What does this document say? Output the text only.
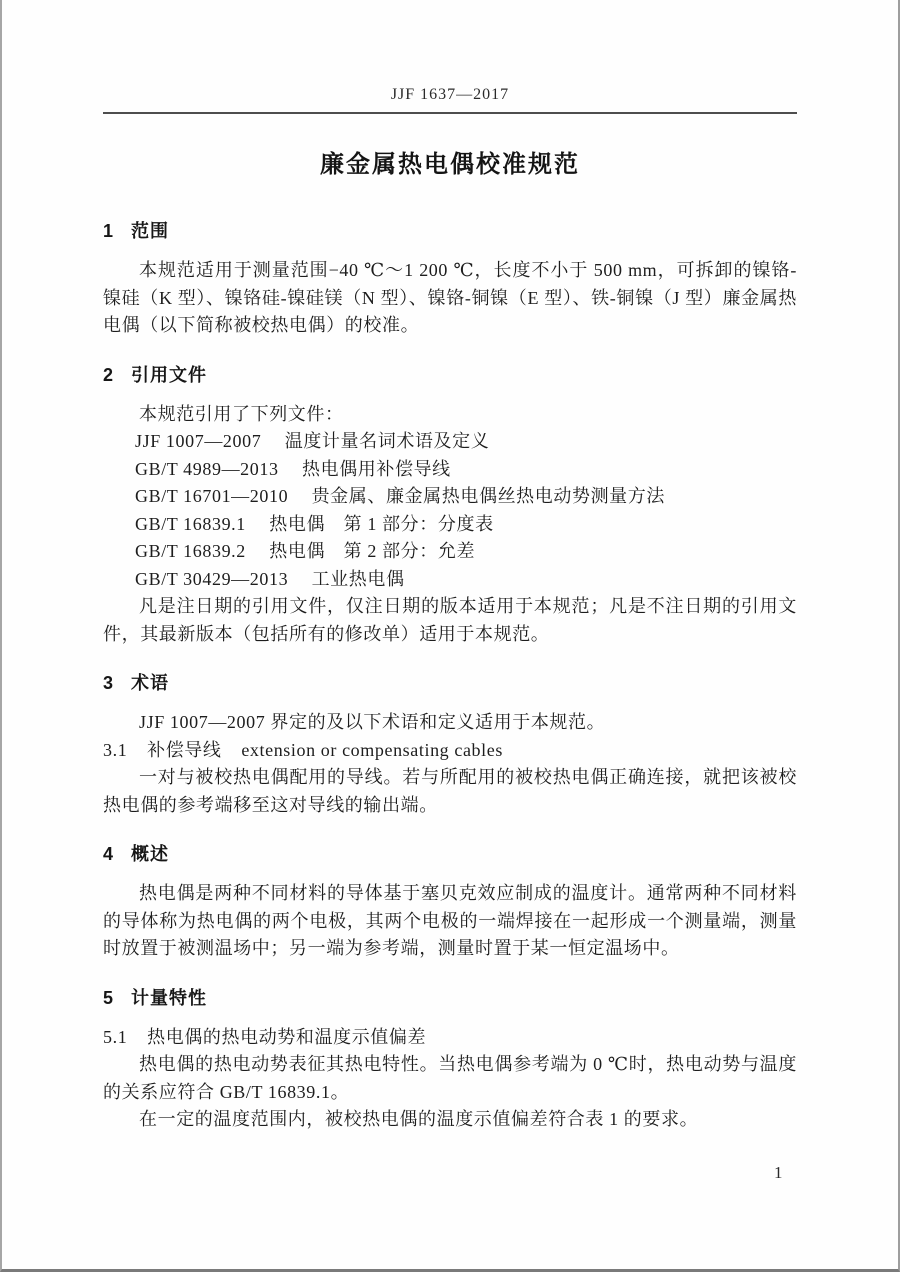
JJF 1637—2017
廉金属热电偶校准规范
1 范围

本规范适用于测量范围−40 ℃～1 200 ℃，长度不小于 500 mm，可拆卸的镍铬-镍硅（K 型）、镍铬硅-镍硅镁（N 型）、镍铬-铜镍（E 型）、铁-铜镍（J 型）廉金属热电偶（以下简称被校热电偶）的校准。

2 引用文件

本规范引用了下列文件：

JJF 1007—2007 温度计量名词术语及定义
GB/T 4989—2013 热电偶用补偿导线
GB/T 16701—2010 贵金属、廉金属热电偶丝热电动势测量方法
GB/T 16839.1 热电偶　第 1 部分：分度表
GB/T 16839.2 热电偶　第 2 部分：允差
GB/T 30429—2013 工业热电偶

凡是注日期的引用文件，仅注日期的版本适用于本规范；凡是不注日期的引用文件，其最新版本（包括所有的修改单）适用于本规范。

3 术语

JJF 1007—2007 界定的及以下术语和定义适用于本规范。

3.1 补偿导线 extension or compensating cables

一对与被校热电偶配用的导线。若与所配用的被校热电偶正确连接，就把该被校热电偶的参考端移至这对导线的输出端。

4 概述

热电偶是两种不同材料的导体基于塞贝克效应制成的温度计。通常两种不同材料的导体称为热电偶的两个电极，其两个电极的一端焊接在一起形成一个测量端，测量时放置于被测温场中；另一端为参考端，测量时置于某一恒定温场中。

5 计量特性

5.1 热电偶的热电动势和温度示值偏差

热电偶的热电动势表征其热电特性。当热电偶参考端为 0 ℃时，热电动势与温度的关系应符合 GB/T 16839.1。

在一定的温度范围内，被校热电偶的温度示值偏差符合表 1 的要求。

1
